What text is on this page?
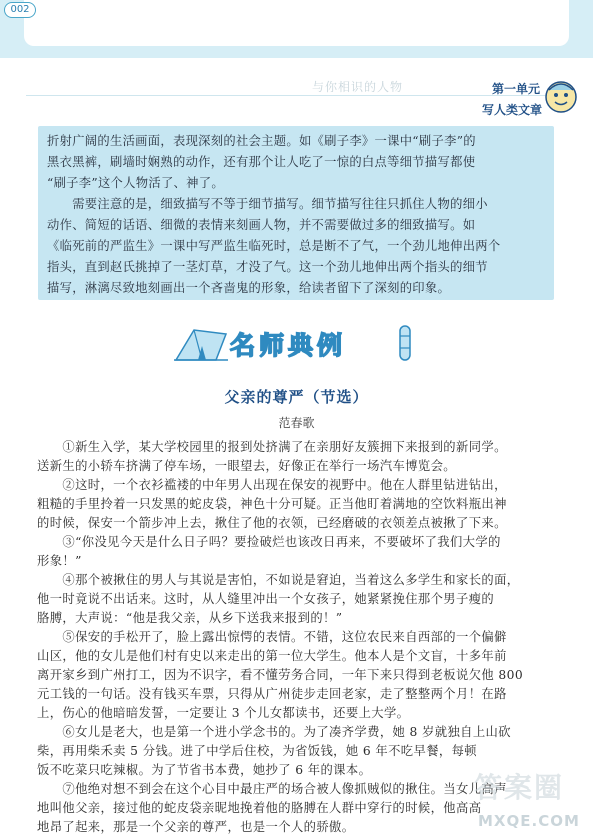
002
与你相识的人物	第一单元
写人类文章

折射广阔的生活画面，表现深刻的社会主题。如《刷子李》一课中“刷子李”的

黑衣黑裤，刷墙时娴熟的动作，还有那个让人吃了一惊的白点等细节描写都使

“刷子李”这个人物活了、神了。

　　需要注意的是，细致描写不等于细节描写。细节描写往往只抓住人物的细小

动作、简短的话语、细微的表情来刻画人物，并不需要做过多的细致描写。如

《临死前的严监生》一课中写严监生临死时，总是断不了气，一个劲儿地伸出两个

指头，直到赵氏挑掉了一茎灯草，才没了气。这一个劲儿地伸出两个指头的细节

描写，淋漓尽致地刻画出一个吝啬鬼的形象，给读者留下了深刻的印象。

名师典例
父亲的尊严（节选）
范春歌

　　①新生入学，某大学校园里的报到处挤满了在亲朋好友簇拥下来报到的新同学。

送新生的小轿车挤满了停车场，一眼望去，好像正在举行一场汽车博览会。

　　②这时，一个衣衫褴褛的中年男人出现在保安的视野中。他在人群里钻进钻出，

粗糙的手里拎着一只发黑的蛇皮袋，神色十分可疑。正当他盯着满地的空饮料瓶出神

的时候，保安一个箭步冲上去，揪住了他的衣领，已经磨破的衣领差点被揪了下来。

　　③“你没见今天是什么日子吗？要捡破烂也该改日再来，不要破坏了我们大学的

形象！”

　　④那个被揪住的男人与其说是害怕，不如说是窘迫，当着这么多学生和家长的面，

他一时竟说不出话来。这时，从人缝里冲出一个女孩子，她紧紧挽住那个男子瘦的

胳膊，大声说：“他是我父亲，从乡下送我来报到的！”

　　⑤保安的手松开了，脸上露出惊愕的表情。不错，这位农民来自西部的一个偏僻

山区，他的女儿是他们村有史以来走出的第一位大学生。他本人是个文盲，十多年前

离开家乡到广州打工，因为不识字，看不懂劳务合同，一年下来只得到老板说欠他 800

元工钱的一句话。没有钱买车票，只得从广州徒步走回老家，走了整整两个月！在路

上，伤心的他暗暗发誓，一定要让 3 个儿女都读书，还要上大学。

　　⑥女儿是老大，也是第一个进小学念书的。为了凑齐学费，她 8 岁就独自上山砍

柴，再用柴禾卖 5 分钱。进了中学后住校，为省饭钱，她 6 年不吃早餐，每顿

饭不吃菜只吃辣椒。为了节省书本费，她抄了 6 年的课本。

　　⑦他绝对想不到会在这个心目中最庄严的场合被人像抓贼似的揪住。当女儿高声

地叫他父亲，接过他的蛇皮袋亲昵地挽着他的胳膊在人群中穿行的时候，他高高

地昂了起来，那是一个父亲的尊严，也是一个人的骄傲。

答案圈
MXQE.COM
